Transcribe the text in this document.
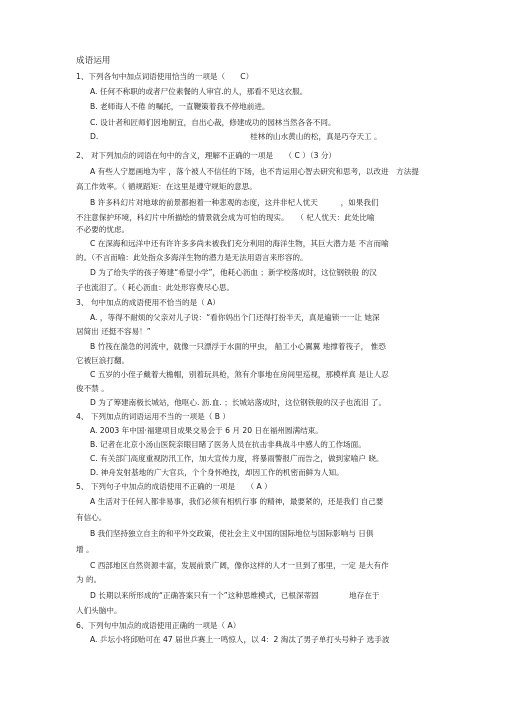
成语运用
1、下列各句中加点词语使用恰当的一项是（　　C）
A. 任何不称职的或者尸位素餐的人审官.的人，那看不见这衣服。
B. 老师诲人不倦 的嘱托，一直鞭策着我不停地前进。
C. 设计者和匠师们因地制宜，自出心裁，修建成功的园林当然各各不同。
D.　　　　　　　　　　　　　　　　　　　　桂林的山水黄山的松，真是巧夺天工 。
2、 对下列加点的词语在句中的含义，理解不正确的一项是　　（ C ）（3 分）
A 有些人宁愿画地为牢 ，落个被人不信任的下场，也不肯运用心智去研究和思考，以改进　方法提
高工作效率。（ 循规蹈矩：在这里是遵守规矩的意思。
B 许多科幻片对地球的前景都抱着一种悲观的态度，这并非杞人忧天　　　，如果我们
不注意保护环境，科幻片中所描绘的情景就会成为可怕的现实。　　（ 杞人忧天：此处比喻
不必要的忧虑。
C 在深海和远洋中还有许许多多尚未被我们充分利用的海洋生物，其巨大潜力是 不言而喻
的。（不言而喻：此处指众多海洋生物的潜力是无法用语言来形容的。
D 为了给失学的孩子筹建“希望小学”，他耗心沥血 ；新学校落成时，这位钢铁般 的汉
子也流泪了。（ 耗心沥血：此处形容费尽心思。
3、 句中加点的成语使用不恰当的是（ A）
A. ，等得不耐烦的父亲对儿子说：“看你妈出个门还得打扮半天，真是遍锁一一让 她深
居简出 还挺不容易！”
B 竹筏在湍急的河流中，就像一只漂浮于水面的甲虫， 船工小心翼翼 地撑着筏子， 惟恐
它被巨浪打翻。
C 五岁的小侄子戴着大檐帽，别着玩具枪，煞有介事地在房间里巡视，那模样真 是让人忍
俊不禁 。
D 为了筹建南极长城站，他呕心. 沥.血. ；长城站落成时，这位钢铁般的汉子也流泪 了。
4、 下列加点的词语运用不当的一项是（ B ）
A. 2003 年中国·福建项目成果交易会于 6 月 20 日在福州圆满结束。
B. 记者在北京小汤山医院亲眼目睹了医务人员在抗击非典战斗中感人的工作场面。
C. 有关部门高度重视防汛工作，加大宣传力度，将暴雨警报广而告之，做到家喻户 晓。
D. 神舟发射基地的广大官兵，个个身怀绝技，却因工作的机密而鲜为人知。
5、 下列句子中加点的成语使用不正确的一项是　　（ A ）
A 生活对于任何人都非易事，我们必须有相机行事 的精神，最要紧的，还是我们 自己要
有信心。
B 我们坚持独立自主的和平外交政策，使社会主义中国的国际地位与国际影响与 日俱
增 。
C 西部地区自然资源丰富，发展前景广阔，像你这样的人才一旦到了那里，一定 是大有作
为 的。
D 长期以来所形成的“正确答案只有一个”这种思维模式，已根深蒂固　　　　地存在于
人们头脑中。
6、下列句中加点的成语使用正确的一项是（ A）
A. 乒坛小将邱贻可在 47 届世乒赛上一鸣惊人，以 4：2 淘汰了男子单打头号种子 选手波
